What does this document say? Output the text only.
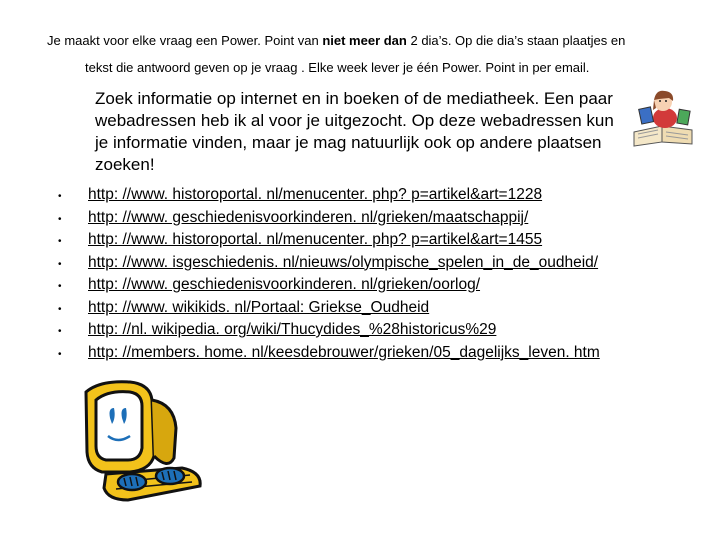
Je maakt voor elke vraag een Power. Point van niet meer dan 2 dia’s. Op die dia’s staan plaatjes en
tekst die antwoord geven op je vraag . Elke week lever je één Power. Point in per email.
Zoek informatie op internet en in boeken of de mediatheek. Een paar webadressen heb ik al voor je uitgezocht. Op deze webadressen kun je informatie vinden, maar je mag natuurlijk ook op andere plaatsen zoeken!
•	http: //www. historoportal. nl/menucenter. php? p=artikel&art=1228
•	http: //www. geschiedenisvoorkinderen. nl/grieken/maatschappij/
•	http: //www. historoportal. nl/menucenter. php? p=artikel&art=1455
•	http: //www. isgeschiedenis. nl/nieuws/olympische_spelen_in_de_oudheid/
•	http: //www. geschiedenisvoorkinderen. nl/grieken/oorlog/
•	http: //www. wikikids. nl/Portaal: Griekse_Oudheid
•	http: //nl. wikipedia. org/wiki/Thucydides_%28historicus%29
•	http: //members. home. nl/keesdebrouwer/grieken/05_dagelijks_leven. htm
